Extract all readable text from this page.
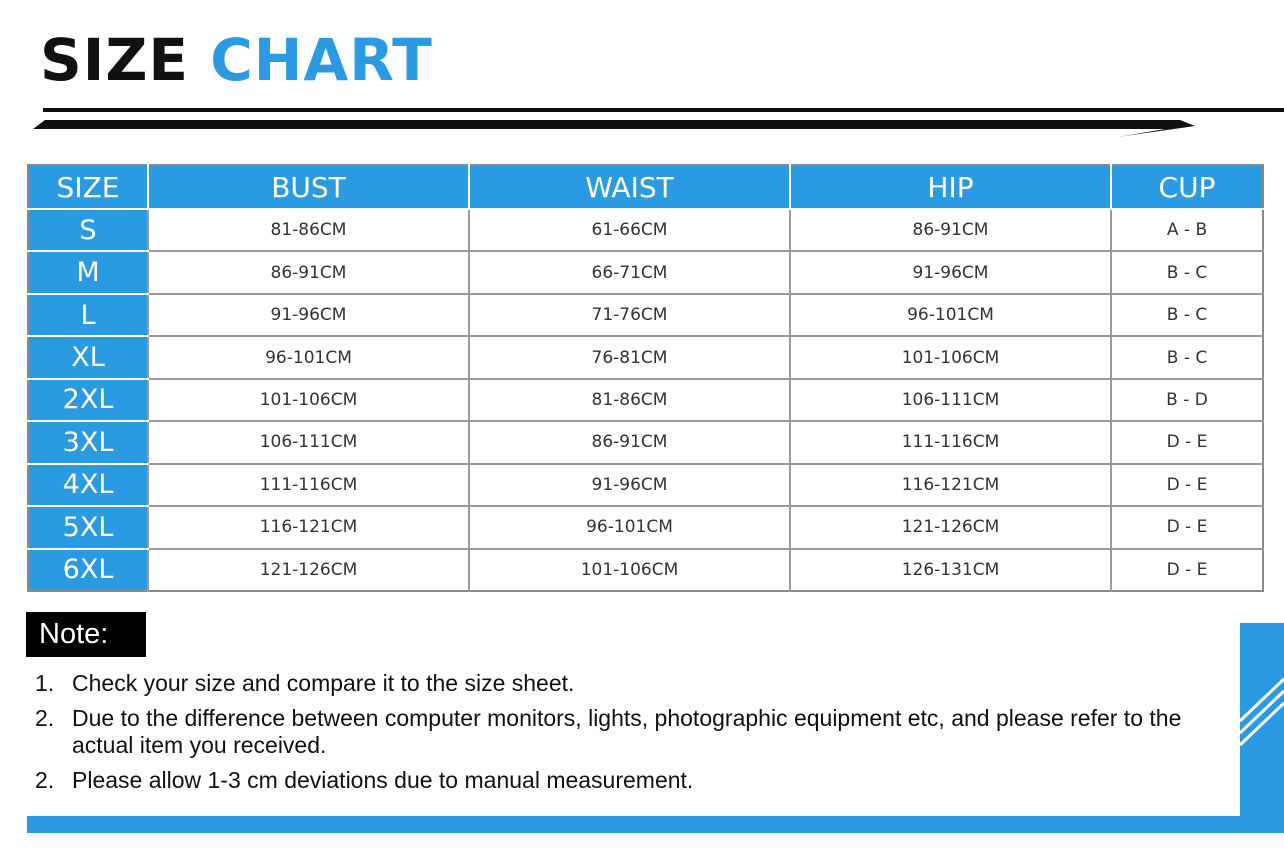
SIZE CHART
SIZE	BUST	WAIST	HIP	CUP
S	81-86CM	61-66CM	86-91CM	A - B
M	86-91CM	66-71CM	91-96CM	B - C
L	91-96CM	71-76CM	96-101CM	B - C
XL	96-101CM	76-81CM	101-106CM	B - C
2XL	101-106CM	81-86CM	106-111CM	B - D
3XL	106-111CM	86-91CM	111-116CM	D - E
4XL	111-116CM	91-96CM	116-121CM	D - E
5XL	116-121CM	96-101CM	121-126CM	D - E
6XL	121-126CM	101-106CM	126-131CM	D - E
Note:
1. Check your size and compare it to the size sheet.
2. Due to the difference between computer monitors, lights, photographic equipment etc, and please refer to the actual item you received.
2. Please allow 1-3 cm deviations due to manual measurement.
